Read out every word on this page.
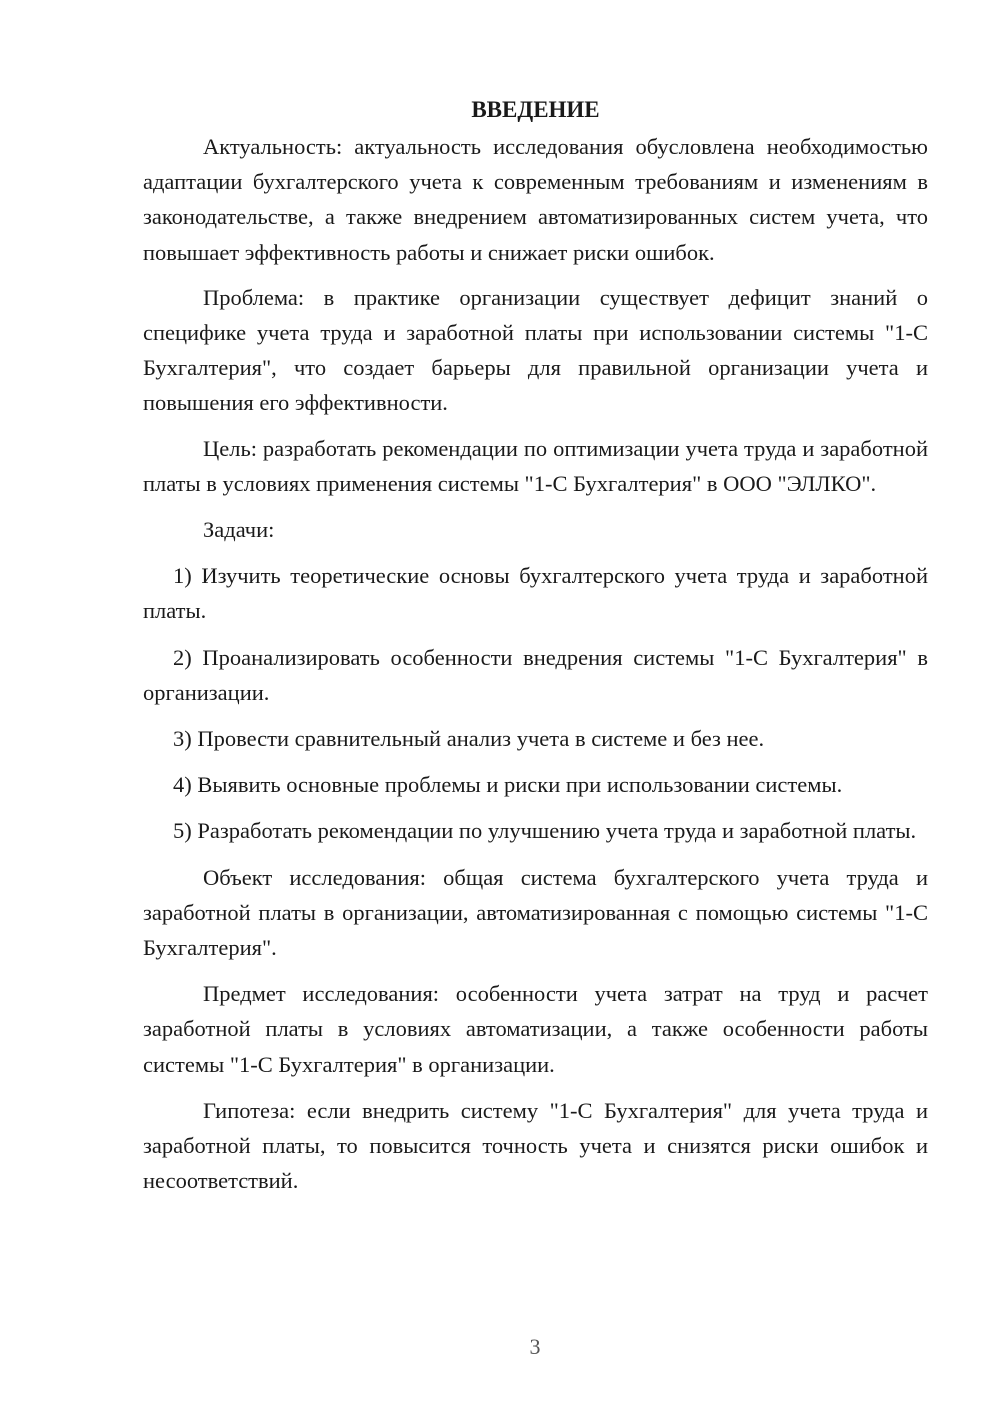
ВВЕДЕНИЕ

Актуальность: актуальность исследования обусловлена необходимостью адаптации бухгалтерского учета к современным требованиям и изменениям в законодательстве, а также внедрением автоматизированных систем учета, что повышает эффективность работы и снижает риски ошибок.

Проблема: в практике организации существует дефицит знаний о специфике учета труда и заработной платы при использовании системы "1-С Бухгалтерия", что создает барьеры для правильной организации учета и повышения его эффективности.

Цель: разработать рекомендации по оптимизации учета труда и заработной платы в условиях применения системы "1-С Бухгалтерия" в ООО "ЭЛЛКО".

Задачи:

1) Изучить теоретические основы бухгалтерского учета труда и заработной платы.

2) Проанализировать особенности внедрения системы "1-С Бухгалтерия" в организации.

3) Провести сравнительный анализ учета в системе и без нее.

4) Выявить основные проблемы и риски при использовании системы.

5) Разработать рекомендации по улучшению учета труда и заработной платы.

Объект исследования: общая система бухгалтерского учета труда и заработной платы в организации, автоматизированная с помощью системы "1-С Бухгалтерия".

Предмет исследования: особенности учета затрат на труд и расчет заработной платы в условиях автоматизации, а также особенности работы системы "1-С Бухгалтерия" в организации.

Гипотеза: если внедрить систему "1-С Бухгалтерия" для учета труда и заработной платы, то повысится точность учета и снизятся риски ошибок и несоответствий.

3
